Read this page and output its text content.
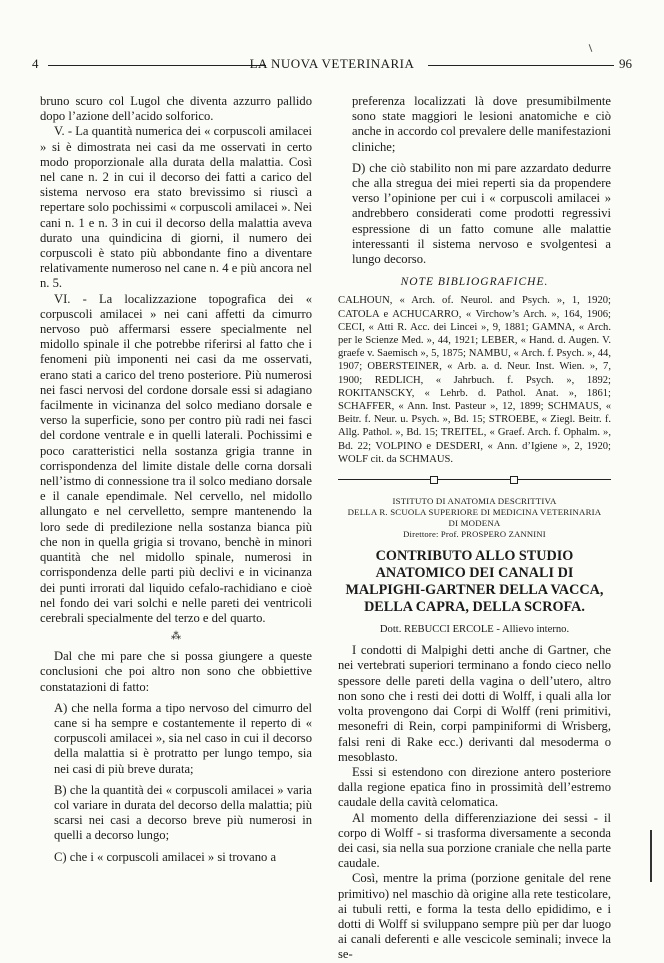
4	LA NUOVA VETERINARIA	96

bruno scuro col Lugol che diventa azzurro pallido dopo l’azione dell’acido solforico.

V. - La quantità numerica dei « corpuscoli amilacei » si è dimostrata nei casi da me osservati in certo modo proporzionale alla durata della malattia. Così nel cane n. 2 in cui il decorso dei fatti a carico del sistema nervoso era stato brevissimo si riuscì a repertare solo pochissimi « corpuscoli amilacei ». Nei cani n. 1 e n. 3 in cui il decorso della malattia aveva durato una quindicina di giorni, il numero dei corpuscoli è stato più abbondante fino a diventare relativamente numeroso nel cane n. 4 e più ancora nel n. 5.

VI. - La localizzazione topografica dei « corpuscoli amilacei » nei cani affetti da cimurro nervoso può affermarsi essere specialmente nel midollo spinale il che potrebbe riferirsi al fatto che i fenomeni più imponenti nei casi da me osservati, erano stati a carico del treno posteriore. Più numerosi nei fasci nervosi del cordone dorsale essi si adagiano facilmente in vicinanza del solco mediano dorsale e verso la superficie, sono per contro più radi nei fasci del cordone ventrale e in quelli laterali. Pochissimi e poco caratteristici nella sostanza grigia tranne in corrispondenza del limite distale delle corna dorsali nell’istmo di connessione tra il solco mediano dorsale e il canale ependimale. Nel cervello, nel midollo allungato e nel cervelletto, sempre mantenendo la loro sede di predilezione nella sostanza bianca più che non in quella grigia si trovano, benchè in minori quantità che nel midollo spinale, numerosi in corrispondenza delle parti più declivi e in vicinanza dei punti irrorati dal liquido cefalo-rachidiano e cioè nel fondo dei vari solchi e nelle pareti dei ventricoli cerebrali specialmente del terzo e del quarto.

⁂

Dal che mi pare che si possa giungere a queste conclusioni che poi altro non sono che obbiettive constatazioni di fatto:

A) che nella forma a tipo nervoso del cimurro del cane si ha sempre e costantemente il reperto di « corpuscoli amilacei », sia nel caso in cui il decorso della malattia si è protratto per lungo tempo, sia nei casi di più breve durata;

B) che la quantità dei « corpuscoli amilacei » varia col variare in durata del decorso della malattia; più scarsi nei casi a decorso breve più numerosi in quelli a decorso lungo;

C) che i « corpuscoli amilacei » si trovano a

preferenza localizzati là dove presumibilmente sono state maggiori le lesioni anatomiche e ciò anche in accordo col prevalere delle manifestazioni cliniche;

D) che ciò stabilito non mi pare azzardato dedurre che alla stregua dei miei reperti sia da propendere verso l’opinione per cui i « corpuscoli amilacei » andrebbero considerati come prodotti regressivi espressione di un fatto comune alle malattie interessanti il sistema nervoso e svolgentesi a lungo decorso.

NOTE BIBLIOGRAFICHE.

CALHOUN, « Arch. of. Neurol. and Psych. », 1, 1920; CATOLA e ACHUCARRO, « Virchow’s Arch. », 164, 1906; CECI, « Atti R. Acc. dei Lincei », 9, 1881; GAMNA, « Arch. per le Scienze Med. », 44, 1921; LEBER, « Hand. d. Augen. V. graefe v. Saemisch », 5, 1875; NAMBU, « Arch. f. Psych. », 44, 1907; OBERSTEINER, « Arb. a. d. Neur. Inst. Wien. », 7, 1900; REDLICH, « Jahrbuch. f. Psych. », 1892; ROKITANSCKY, « Lehrb. d. Pathol. Anat. », 1861; SCHAFFER, « Ann. Inst. Pasteur », 12, 1899; SCHMAUS, « Beitr. f. Neur. u. Psych. », Bd. 15; STROEBE, « Ziegl. Beitr. f. Allg. Pathol. », Bd. 15; TREITEL, « Graef. Arch. f. Ophalm. », Bd. 22; VOLPINO e DESDERI, « Ann. d’Igiene », 2, 1920; WOLF cit. da SCHMAUS.

ISTITUTO DI ANATOMIA DESCRITTIVA
DELLA R. SCUOLA SUPERIORE DI MEDICINA VETERINARIA
DI MODENA
Direttore: Prof. PROSPERO ZANNINI
CONTRIBUTO ALLO STUDIO ANATOMICO DEI CANALI DI MALPIGHI-GARTNER DELLA VACCA, DELLA CAPRA, DELLA SCROFA.
Dott. REBUCCI ERCOLE - Allievo interno.

I condotti di Malpighi detti anche di Gartner, che nei vertebrati superiori terminano a fondo cieco nello spessore delle pareti della vagina o dell’utero, altro non sono che i resti dei dotti di Wolff, i quali alla lor volta provengono dai Corpi di Wolff (reni primitivi, mesonefri di Rein, corpi pampiniformi di Wrisberg, falsi reni di Rake ecc.) derivanti dal mesoderma o mesoblasto.

Essi si estendono con direzione antero posteriore dalla regione epatica fino in prossimità dell’estremo caudale della cavità celomatica.

Al momento della differenziazione dei sessi - il corpo di Wolff - si trasforma diversamente a seconda dei casi, sia nella sua porzione craniale che nella parte caudale.

Così, mentre la prima (porzione genitale del rene primitivo) nel maschio dà origine alla rete testicolare, ai tubuli retti, e forma la testa dello epididimo, e i dotti di Wolff si sviluppano sempre più per dar luogo ai canali deferenti e alle vescicole seminali; invece la se-
